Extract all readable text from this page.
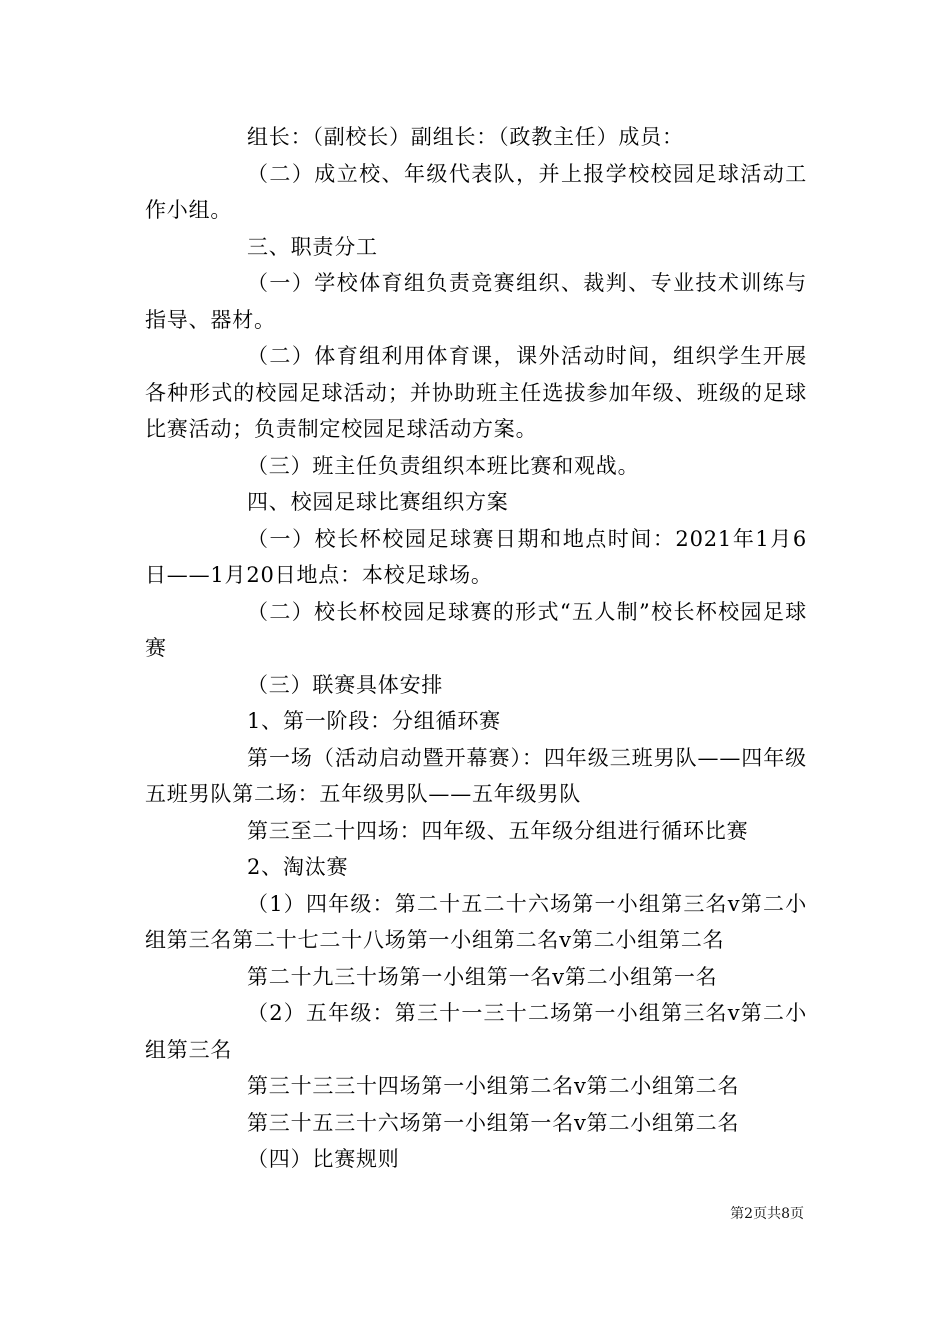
组长：（副校长）副组长：（政教主任）成员：

（二）成立校、年级代表队，并上报学校校园足球活动工作小组。

三、职责分工

（一）学校体育组负责竞赛组织、裁判、专业技术训练与指导、器材。

（二）体育组利用体育课，课外活动时间，组织学生开展各种形式的校园足球活动；并协助班主任选拔参加年级、班级的足球比赛活动；负责制定校园足球活动方案。

（三）班主任负责组织本班比赛和观战。

四、校园足球比赛组织方案

（一）校长杯校园足球赛日期和地点时间：2021年1月6日——1月20日地点：本校足球场。

（二）校长杯校园足球赛的形式“五人制”校长杯校园足球赛

（三）联赛具体安排

1、第一阶段：分组循环赛

第一场（活动启动暨开幕赛）：四年级三班男队——四年级五班男队第二场：五年级男队——五年级男队

第三至二十四场：四年级、五年级分组进行循环比赛

2、淘汰赛

（1）四年级：第二十五二十六场第一小组第三名v第二小组第三名第二十七二十八场第一小组第二名v第二小组第二名

第二十九三十场第一小组第一名v第二小组第一名

（2）五年级：第三十一三十二场第一小组第三名v第二小组第三名

第三十三三十四场第一小组第二名v第二小组第二名

第三十五三十六场第一小组第一名v第二小组第二名

（四）比赛规则

第2页共8页
